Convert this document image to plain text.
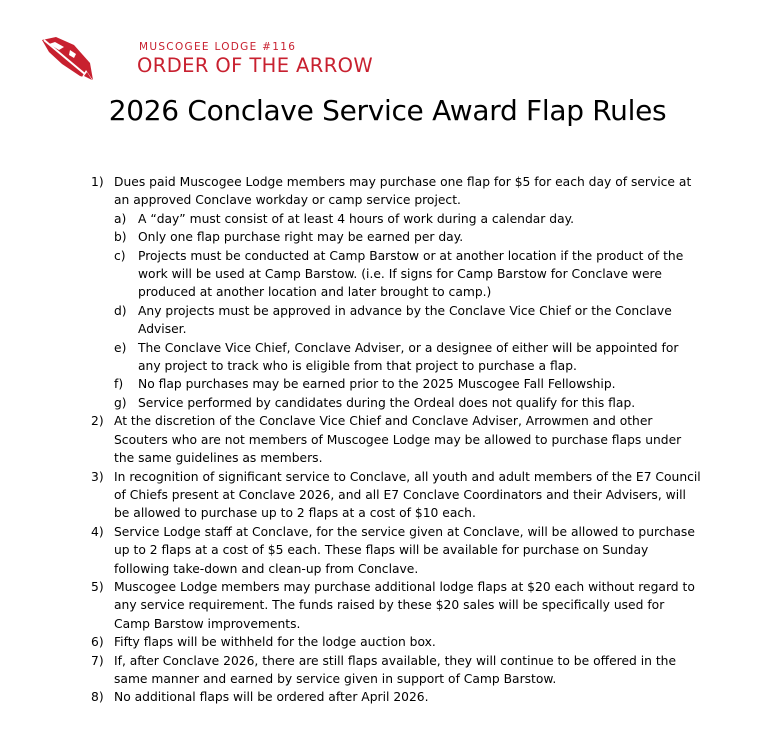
MUSCOGEE LODGE #116
ORDER OF THE ARROW
2026 Conclave Service Award Flap Rules
1) Dues paid Muscogee Lodge members may purchase one flap for $5 for each day of service at an approved Conclave workday or camp service project.
a) A “day” must consist of at least 4 hours of work during a calendar day.
b) Only one flap purchase right may be earned per day.
c) Projects must be conducted at Camp Barstow or at another location if the product of the work will be used at Camp Barstow. (i.e. If signs for Camp Barstow for Conclave were produced at another location and later brought to camp.)
d) Any projects must be approved in advance by the Conclave Vice Chief or the Conclave Adviser.
e) The Conclave Vice Chief, Conclave Adviser, or a designee of either will be appointed for any project to track who is eligible from that project to purchase a flap.
f) No flap purchases may be earned prior to the 2025 Muscogee Fall Fellowship.
g) Service performed by candidates during the Ordeal does not qualify for this flap.
2) At the discretion of the Conclave Vice Chief and Conclave Adviser, Arrowmen and other Scouters who are not members of Muscogee Lodge may be allowed to purchase flaps under the same guidelines as members.
3) In recognition of significant service to Conclave, all youth and adult members of the E7 Council of Chiefs present at Conclave 2026, and all E7 Conclave Coordinators and their Advisers, will be allowed to purchase up to 2 flaps at a cost of $10 each.
4) Service Lodge staff at Conclave, for the service given at Conclave, will be allowed to purchase up to 2 flaps at a cost of $5 each. These flaps will be available for purchase on Sunday following take-down and clean-up from Conclave.
5) Muscogee Lodge members may purchase additional lodge flaps at $20 each without regard to any service requirement. The funds raised by these $20 sales will be specifically used for Camp Barstow improvements.
6) Fifty flaps will be withheld for the lodge auction box.
7) If, after Conclave 2026, there are still flaps available, they will continue to be offered in the same manner and earned by service given in support of Camp Barstow.
8) No additional flaps will be ordered after April 2026.
